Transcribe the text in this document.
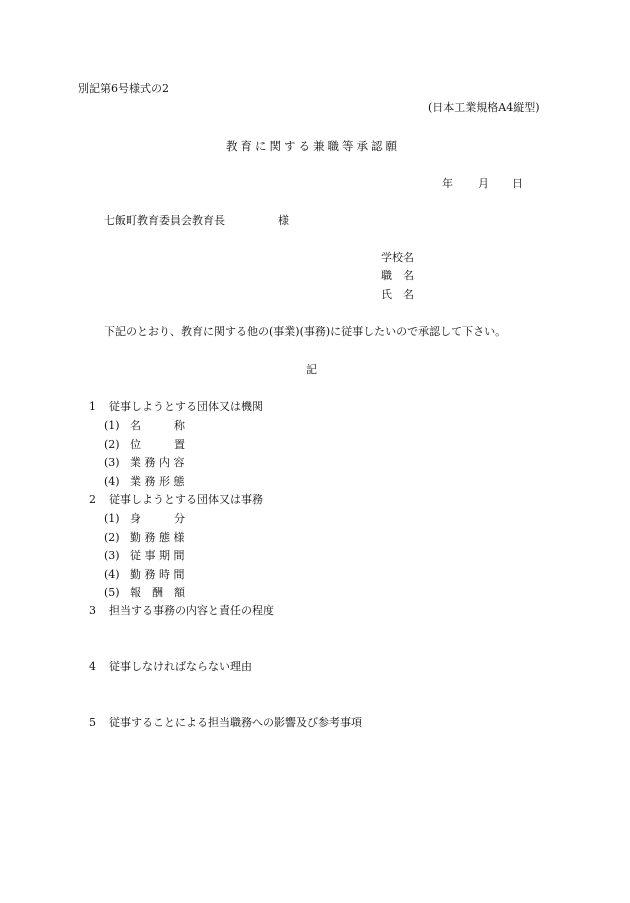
別記第6号様式の2
(日本工業規格A4縦型)
教育に関する兼職等承認願
年 月 日
七飯町教育委員会教育長	様
学校名
職　名
氏　名
下記のとおり、教育に関する他の(事業)(事務)に従事したいので承認して下さい。
記
1 従事しようとする団体又は機関
(1) 名　　　称
(2) 位　　　置
(3) 業 務 内 容
(4) 業 務 形 態
2 従事しようとする団体又は事務
(1) 身　　　分
(2) 勤 務 態 様
(3) 従 事 期 間
(4) 勤 務 時 間
(5) 報　酬　額
3 担当する事務の内容と責任の程度
4 従事しなければならない理由
5 従事することによる担当職務への影響及び参考事項
